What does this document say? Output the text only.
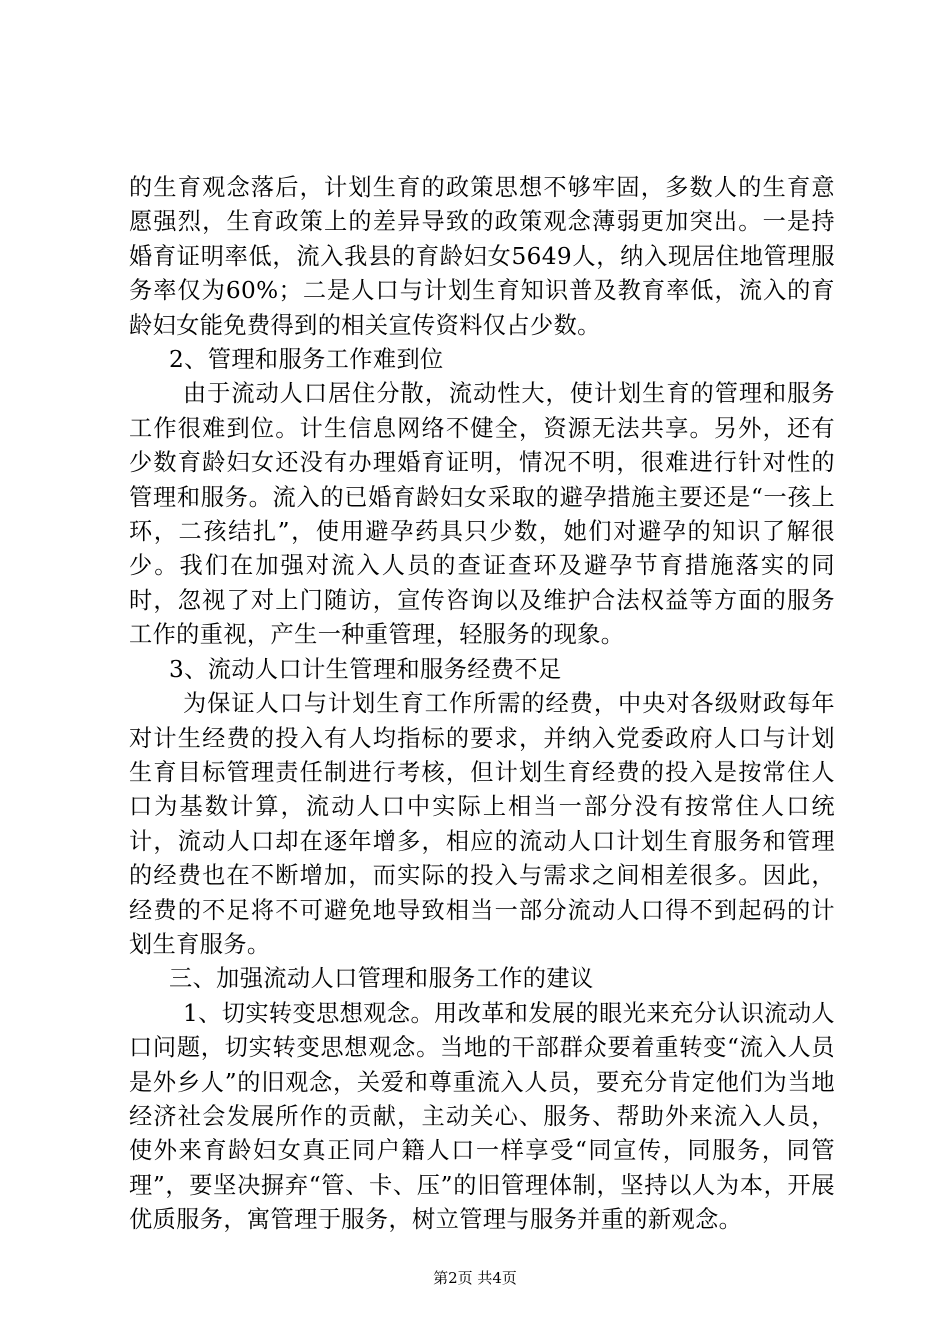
的生育观念落后，计划生育的政策思想不够牢固，多数人的生育意愿强烈，生育政策上的差异导致的政策观念薄弱更加突出。一是持婚育证明率低，流入我县的育龄妇女5649人，纳入现居住地管理服务率仅为60%；二是人口与计划生育知识普及教育率低，流入的育龄妇女能免费得到的相关宣传资料仅占少数。

2、管理和服务工作难到位

由于流动人口居住分散，流动性大，使计划生育的管理和服务工作很难到位。计生信息网络不健全，资源无法共享。另外，还有少数育龄妇女还没有办理婚育证明，情况不明，很难进行针对性的管理和服务。流入的已婚育龄妇女采取的避孕措施主要还是“一孩上环，二孩结扎”，使用避孕药具只少数，她们对避孕的知识了解很少。我们在加强对流入人员的查证查环及避孕节育措施落实的同时，忽视了对上门随访，宣传咨询以及维护合法权益等方面的服务工作的重视，产生一种重管理，轻服务的现象。

3、流动人口计生管理和服务经费不足

为保证人口与计划生育工作所需的经费，中央对各级财政每年对计生经费的投入有人均指标的要求，并纳入党委政府人口与计划生育目标管理责任制进行考核，但计划生育经费的投入是按常住人口为基数计算，流动人口中实际上相当一部分没有按常住人口统计，流动人口却在逐年增多，相应的流动人口计划生育服务和管理的经费也在不断增加，而实际的投入与需求之间相差很多。因此，经费的不足将不可避免地导致相当一部分流动人口得不到起码的计划生育服务。

三、加强流动人口管理和服务工作的建议

1、切实转变思想观念。用改革和发展的眼光来充分认识流动人口问题，切实转变思想观念。当地的干部群众要着重转变“流入人员是外乡人”的旧观念，关爱和尊重流入人员，要充分肯定他们为当地经济社会发展所作的贡献，主动关心、服务、帮助外来流入人员，使外来育龄妇女真正同户籍人口一样享受“同宣传，同服务，同管理”，要坚决摒弃“管、卡、压”的旧管理体制，坚持以人为本，开展优质服务，寓管理于服务，树立管理与服务并重的新观念。

第2页 共4页
